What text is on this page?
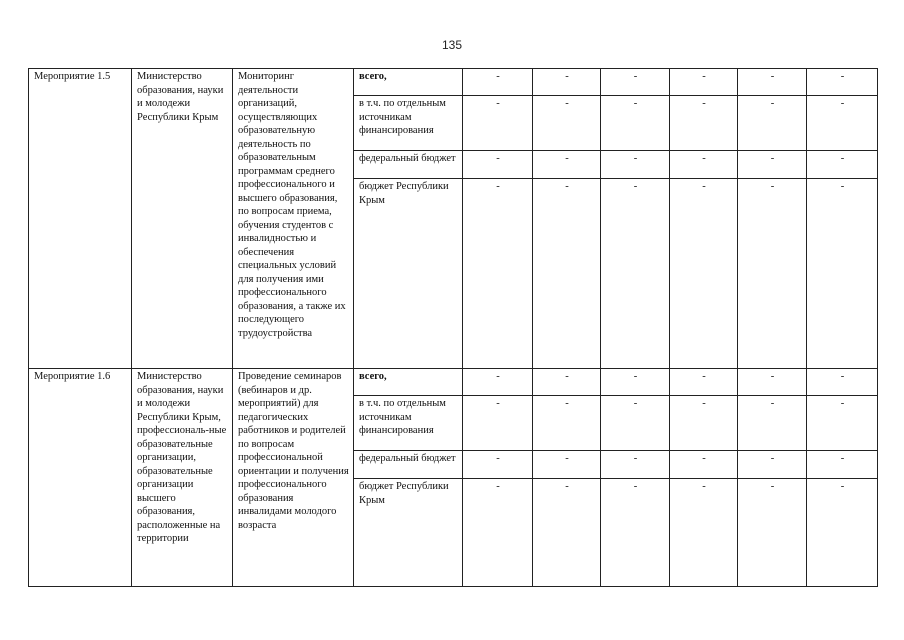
135
Мероприятие 1.5	Министерство образования, науки и молодежи Республики Крым	Мониторинг деятельности организаций, осуществляющих образовательную деятельность по образовательным программам среднего профессионального и высшего образования, по вопросам приема, обучения студентов с инвалидностью и обеспечения специальных условий для получения ими профессионального образования, а также их последующего трудоустройства	всего,	-	-	-	-	-	-
			в т.ч. по отдельным источникам финансирования	-	-	-	-	-	-
			федеральный бюджет	-	-	-	-	-	-
			бюджет Республики Крым	-	-	-	-	-	-
Мероприятие 1.6	Министерство образования, науки и молодежи Республики Крым, профессиональ-ные образовательные организации, образовательные организации высшего образования, расположенные на территории	Проведение семинаров (вебинаров и др. мероприятий) для педагогических работников и родителей по вопросам профессиональной ориентации и получения профессионального образования инвалидами молодого возраста	всего,	-	-	-	-	-	-
			в т.ч. по отдельным источникам финансирования	-	-	-	-	-	-
			федеральный бюджет	-	-	-	-	-	-
			бюджет Республики Крым	-	-	-	-	-	-
